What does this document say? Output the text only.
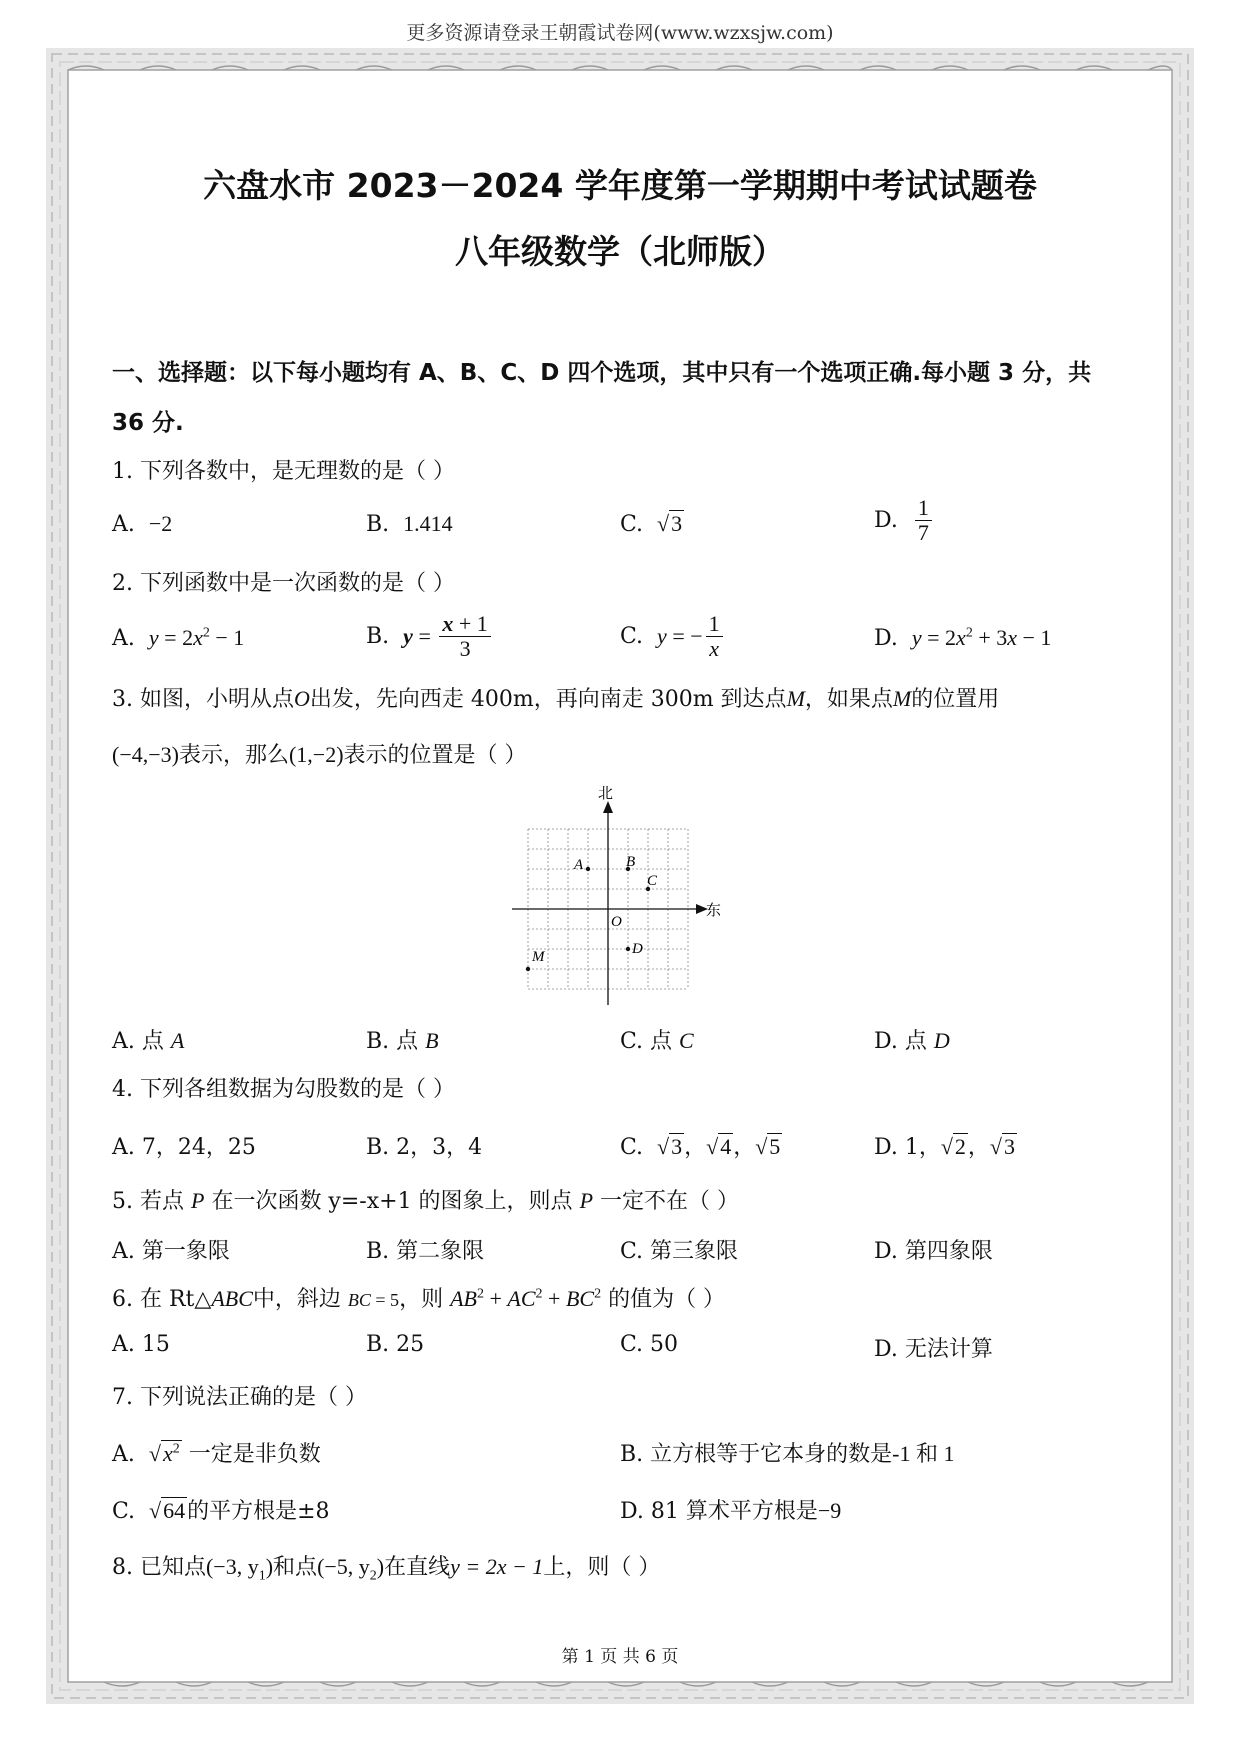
更多资源请登录王朝霞试卷网(www.wzxsjw.com)
六盘水市 2023－2024 学年度第一学期期中考试试题卷
八年级数学（北师版）
一、选择题：以下每小题均有 A、B、C、D 四个选项，其中只有一个选项正确.每小题 3 分，共
36 分.
1. 下列各数中，是无理数的是（ ）
A. −2	B. 1.414	C. √3	D. $\frac{1}{7}$
2. 下列函数中是一次函数的是（ ）
A. $y = 2x^2 - 1$	B. $y = \frac{x + 1}{3}$	C. y = − $\frac{1}{x}$	D. $y = 2x^2 + 3x - 1$
3. 如图，小明从点O出发，先向西走 400m，再向南走 300m 到达点M，如果点M的位置用
(−4,−3)表示，那么(1,−2)表示的位置是（ ）
北
东
O
A	B
C
D
M
A. 点 A	B. 点 B	C. 点 C	D. 点 D
4. 下列各组数据为勾股数的是（ ）
A. 7，24，25	B. 2，3，4	C. √3，√4，√5	D. 1，√2，√3
5. 若点 P 在一次函数 y=-x+1 的图象上，则点 P 一定不在（ ）
A. 第一象限	B. 第二象限	C. 第三象限	D. 第四象限
6. 在 Rt△ABC中，斜边 BC = 5，则 $AB^2 + AC^2 + BC^2$ 的值为（ ）
A. 15	B. 25	C. 50	D. 无法计算
7. 下列说法正确的是（ ）
A. $√x^2$ 一定是非负数	B. 立方根等于它本身的数是-1 和 1
C. √64的平方根是±8	D. 81 算术平方根是−9
8. 已知点(−3, $y_1$)和点(−5, $y_2$)在直线y = 2x − 1上，则（ ）
第 1 页 共 6 页
